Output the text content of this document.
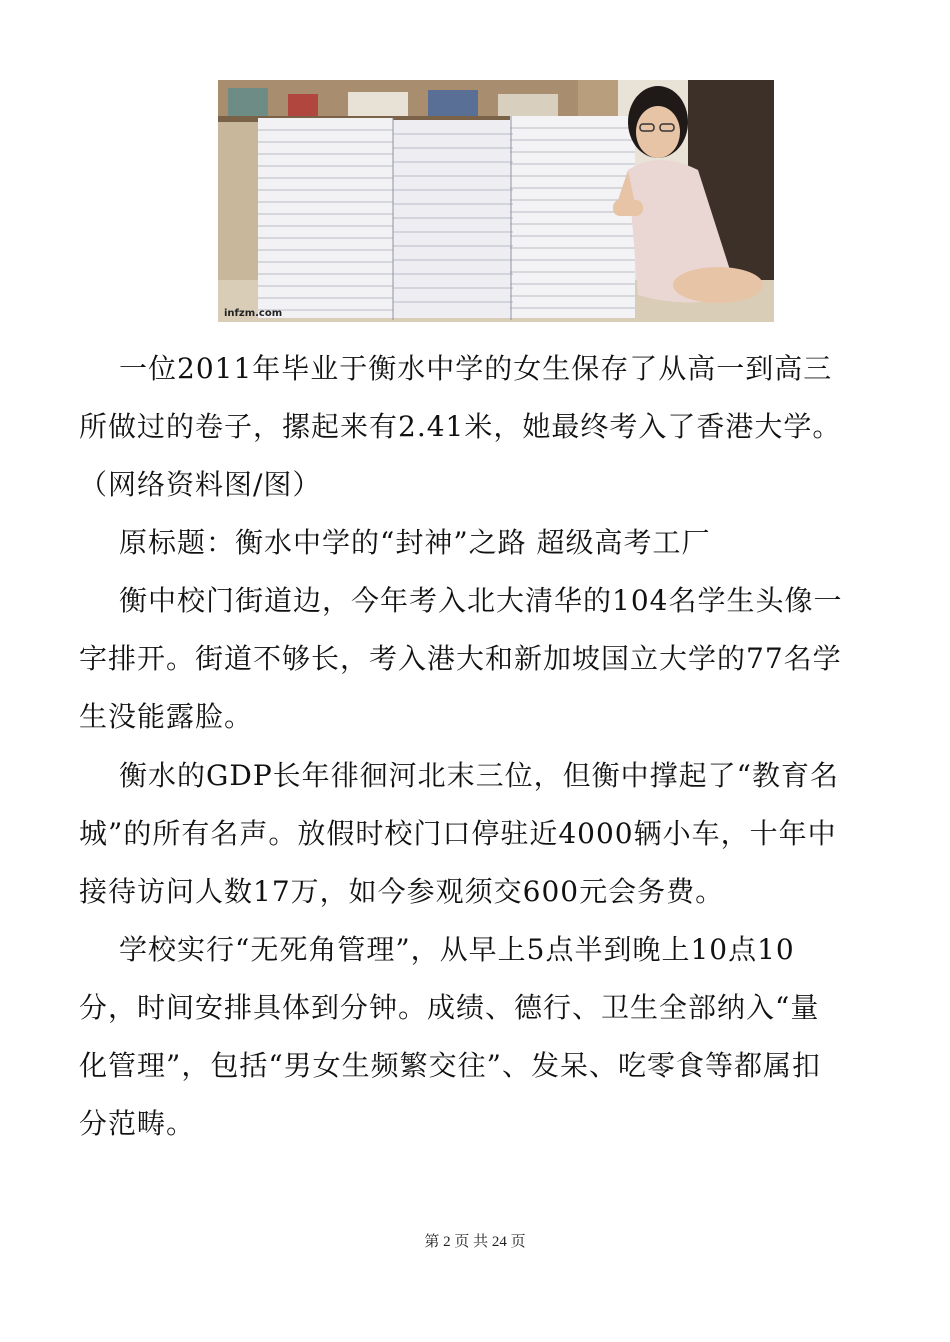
infzm.com

一位2011年毕业于衡水中学的女生保存了从高一到高三所做过的卷子，摞起来有2.41米，她最终考入了香港大学。

（网络资料图/图）

原标题：衡水中学的“封神”之路 超级高考工厂

衡中校门街道边，今年考入北大清华的104名学生头像一字排开。街道不够长，考入港大和新加坡国立大学的77名学生没能露脸。

衡水的GDP长年徘徊河北末三位，但衡中撑起了“教育名城”的所有名声。放假时校门口停驻近4000辆小车，十年中接待访问人数17万，如今参观须交600元会务费。

学校实行“无死角管理”，从早上5点半到晚上10点10分，时间安排具体到分钟。成绩、德行、卫生全部纳入“量化管理”，包括“男女生频繁交往”、发呆、吃零食等都属扣分范畴。

第 2 页 共 24 页
